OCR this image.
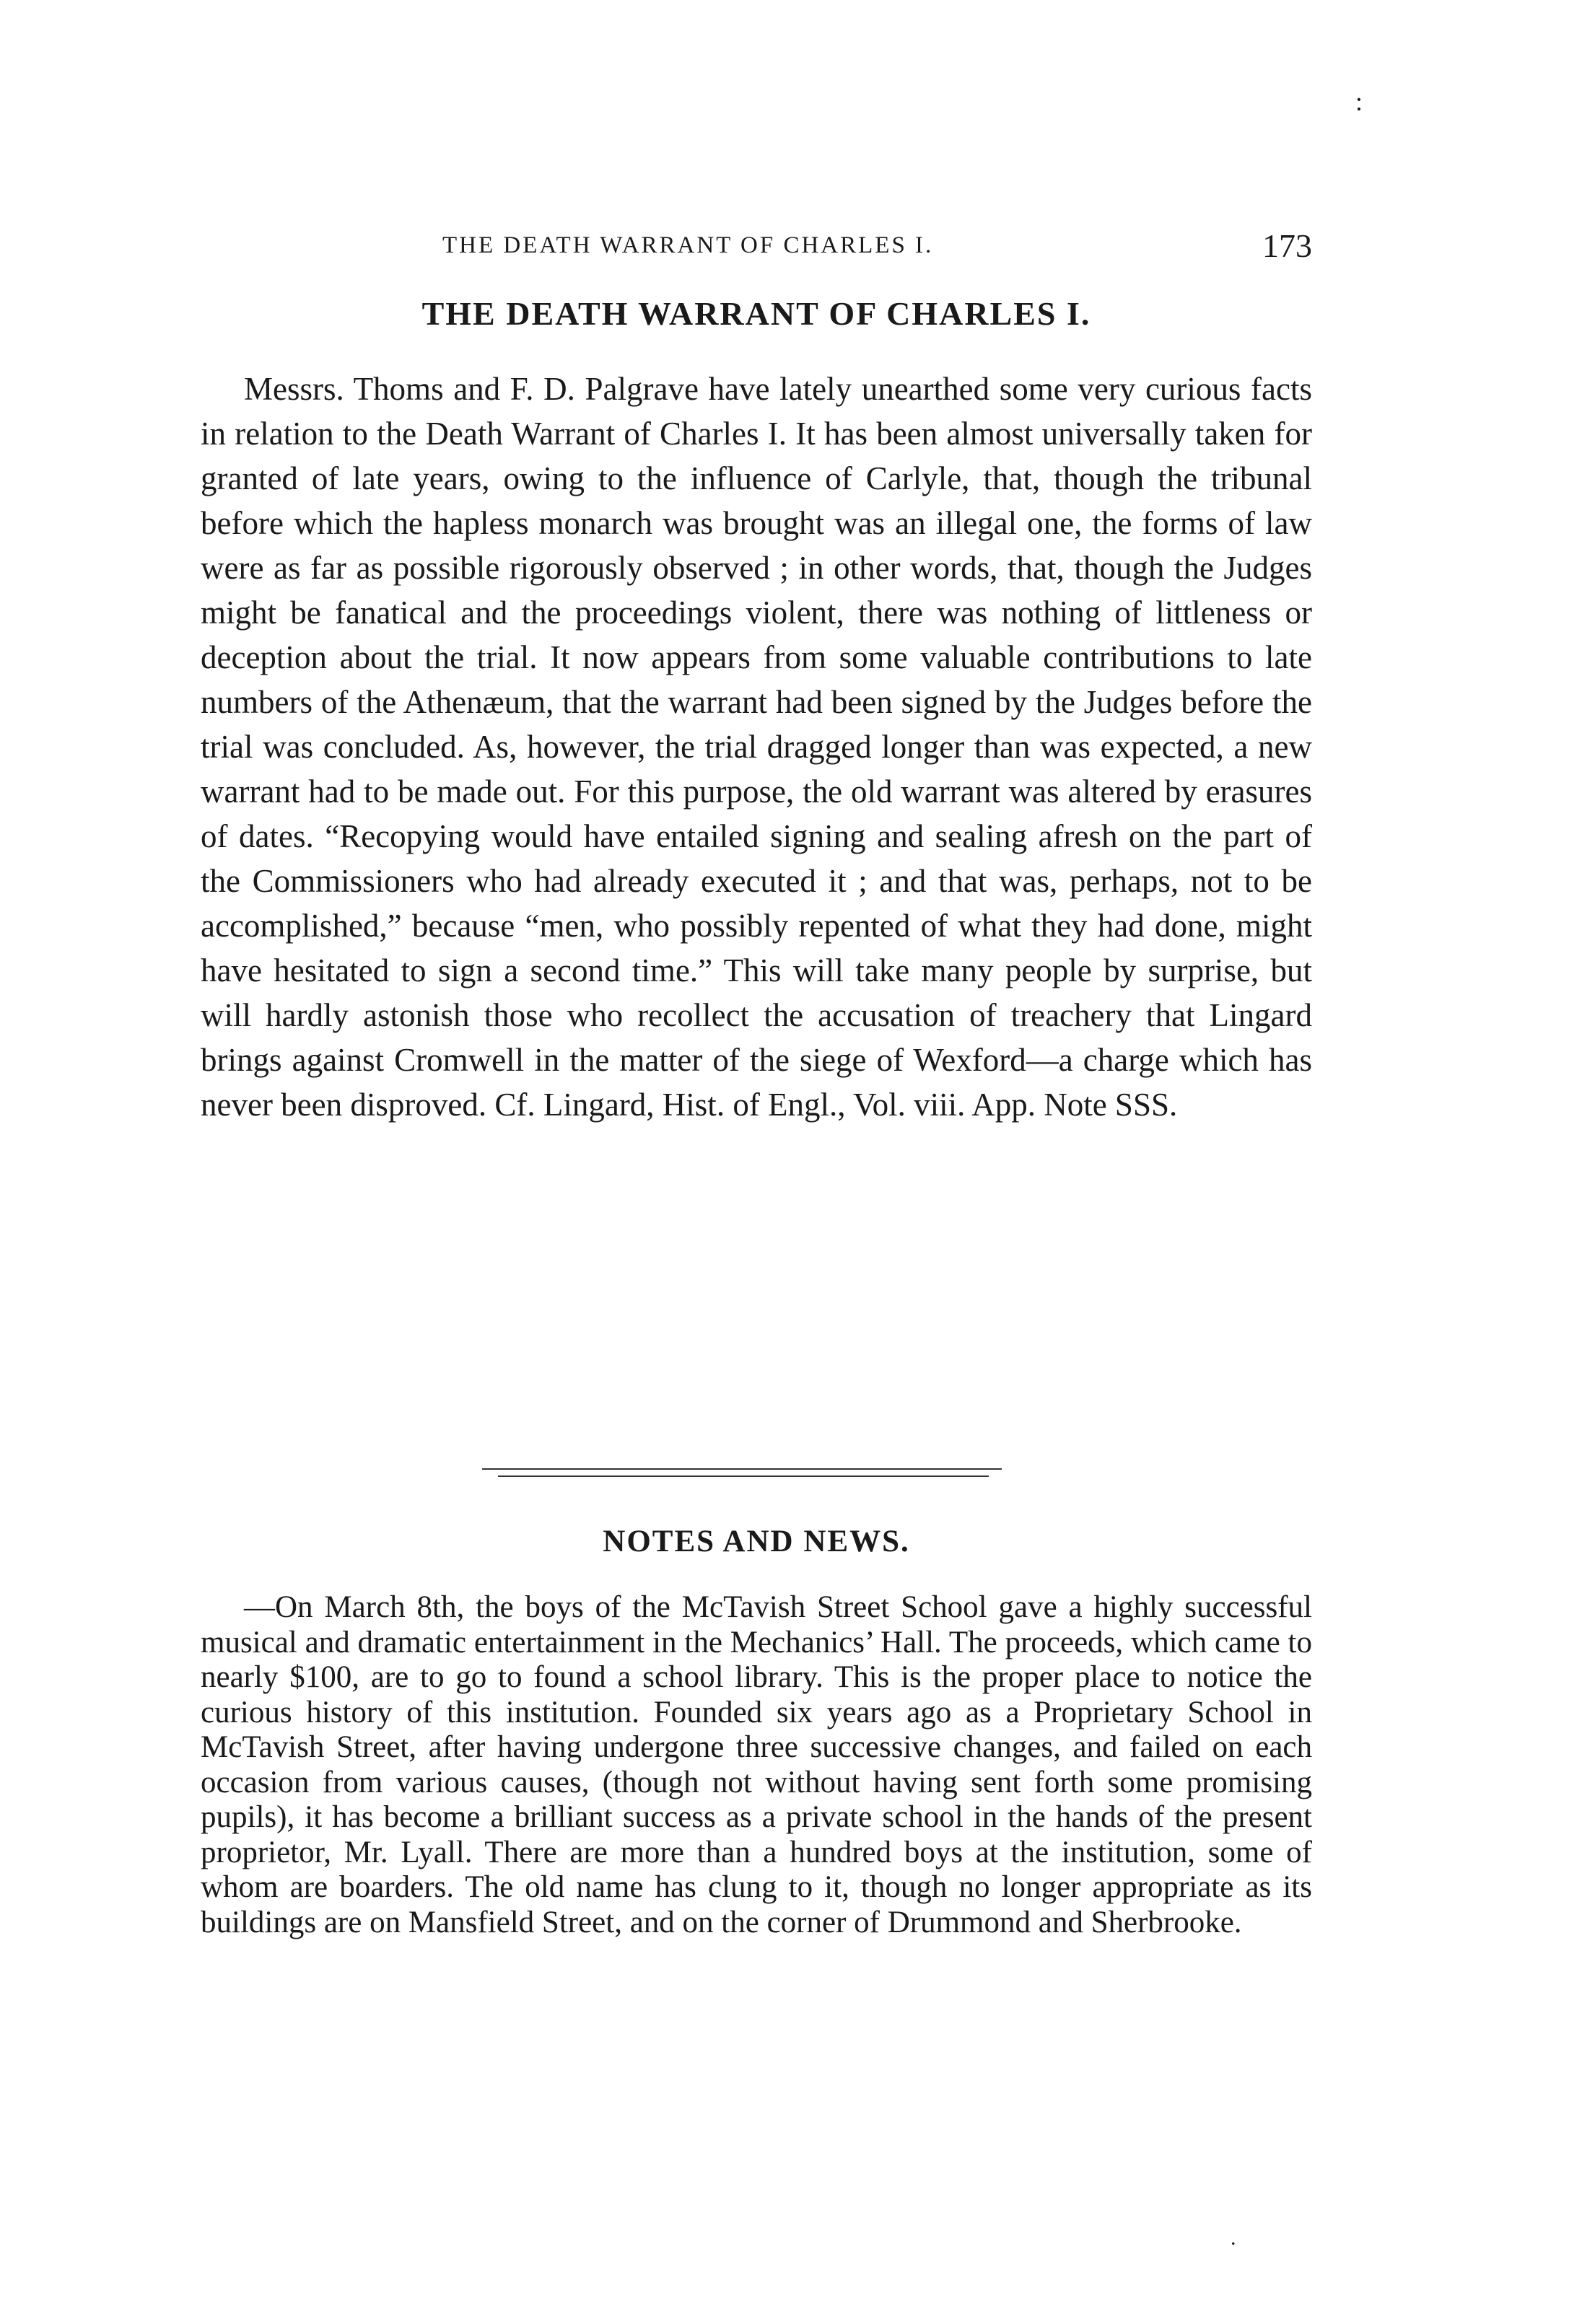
:
THE DEATH WARRANT OF CHARLES I.	173
THE DEATH WARRANT OF CHARLES I.

Messrs. Thoms and F. D. Palgrave have lately unearthed some very curious facts in relation to the Death Warrant of Charles I. It has been almost universally taken for granted of late years, owing to the influence of Carlyle, that, though the tribunal before which the hapless monarch was brought was an illegal one, the forms of law were as far as possible rigorously observed ; in other words, that, though the Judges might be fanatical and the proceedings violent, there was nothing of littleness or deception about the trial. It now appears from some valuable contributions to late numbers of the Athenæum, that the warrant had been signed by the Judges before the trial was concluded. As, however, the trial dragged longer than was expected, a new warrant had to be made out. For this purpose, the old warrant was altered by erasures of dates. “Recopying would have entailed signing and sealing afresh on the part of the Commissioners who had already executed it ; and that was, perhaps, not to be accomplished,” because “men, who possibly repented of what they had done, might have hesitated to sign a second time.” This will take many people by surprise, but will hardly astonish those who recollect the accusation of treachery that Lingard brings against Cromwell in the matter of the siege of Wexford—a charge which has never been disproved. Cf. Lingard, Hist. of Engl., Vol. viii. App. Note SSS.

NOTES AND NEWS.

—On March 8th, the boys of the McTavish Street School gave a highly successful musical and dramatic entertainment in the Mechanics’ Hall. The proceeds, which came to nearly $100, are to go to found a school library. This is the proper place to notice the curious history of this institution. Founded six years ago as a Proprietary School in McTavish Street, after having undergone three successive changes, and failed on each occasion from various causes, (though not without having sent forth some promising pupils), it has become a brilliant success as a private school in the hands of the present proprietor, Mr. Lyall. There are more than a hundred boys at the institution, some of whom are boarders. The old name has clung to it, though no longer appropriate as its buildings are on Mansfield Street, and on the corner of Drummond and Sherbrooke.

.
